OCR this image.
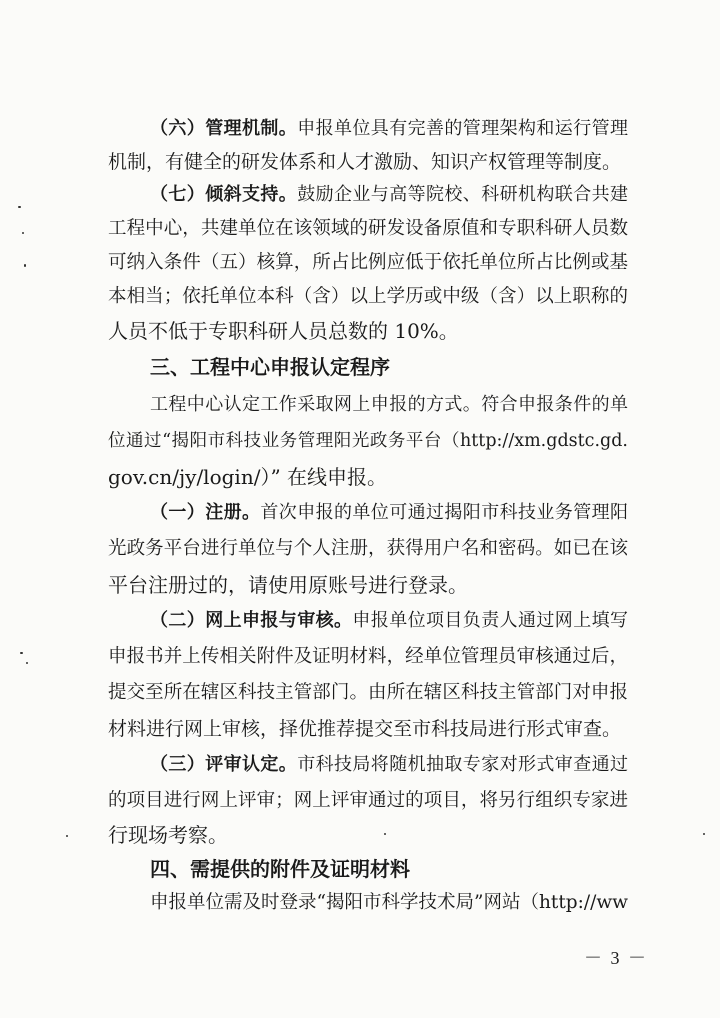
（六）管理机制。申报单位具有完善的管理架构和运行管理
机制，有健全的研发体系和人才激励、知识产权管理等制度。
（七）倾斜支持。鼓励企业与高等院校、科研机构联合共建
工程中心，共建单位在该领域的研发设备原值和专职科研人员数
可纳入条件（五）核算，所占比例应低于依托单位所占比例或基
本相当；依托单位本科（含）以上学历或中级（含）以上职称的
人员不低于专职科研人员总数的 10%。
三、工程中心申报认定程序
工程中心认定工作采取网上申报的方式。符合申报条件的单
位通过“揭阳市科技业务管理阳光政务平台（http://xm.gdstc.gd.
gov.cn/jy/login/）” 在线申报。
（一）注册。首次申报的单位可通过揭阳市科技业务管理阳
光政务平台进行单位与个人注册，获得用户名和密码。如已在该
平台注册过的，请使用原账号进行登录。
（二）网上申报与审核。申报单位项目负责人通过网上填写
申报书并上传相关附件及证明材料，经单位管理员审核通过后，
提交至所在辖区科技主管部门。由所在辖区科技主管部门对申报
材料进行网上审核，择优推荐提交至市科技局进行形式审查。
（三）评审认定。市科技局将随机抽取专家对形式审查通过
的项目进行网上评审；网上评审通过的项目，将另行组织专家进
行现场考察。
四、需提供的附件及证明材料
申报单位需及时登录“揭阳市科学技术局”网站（http://ww
－ 3 －
